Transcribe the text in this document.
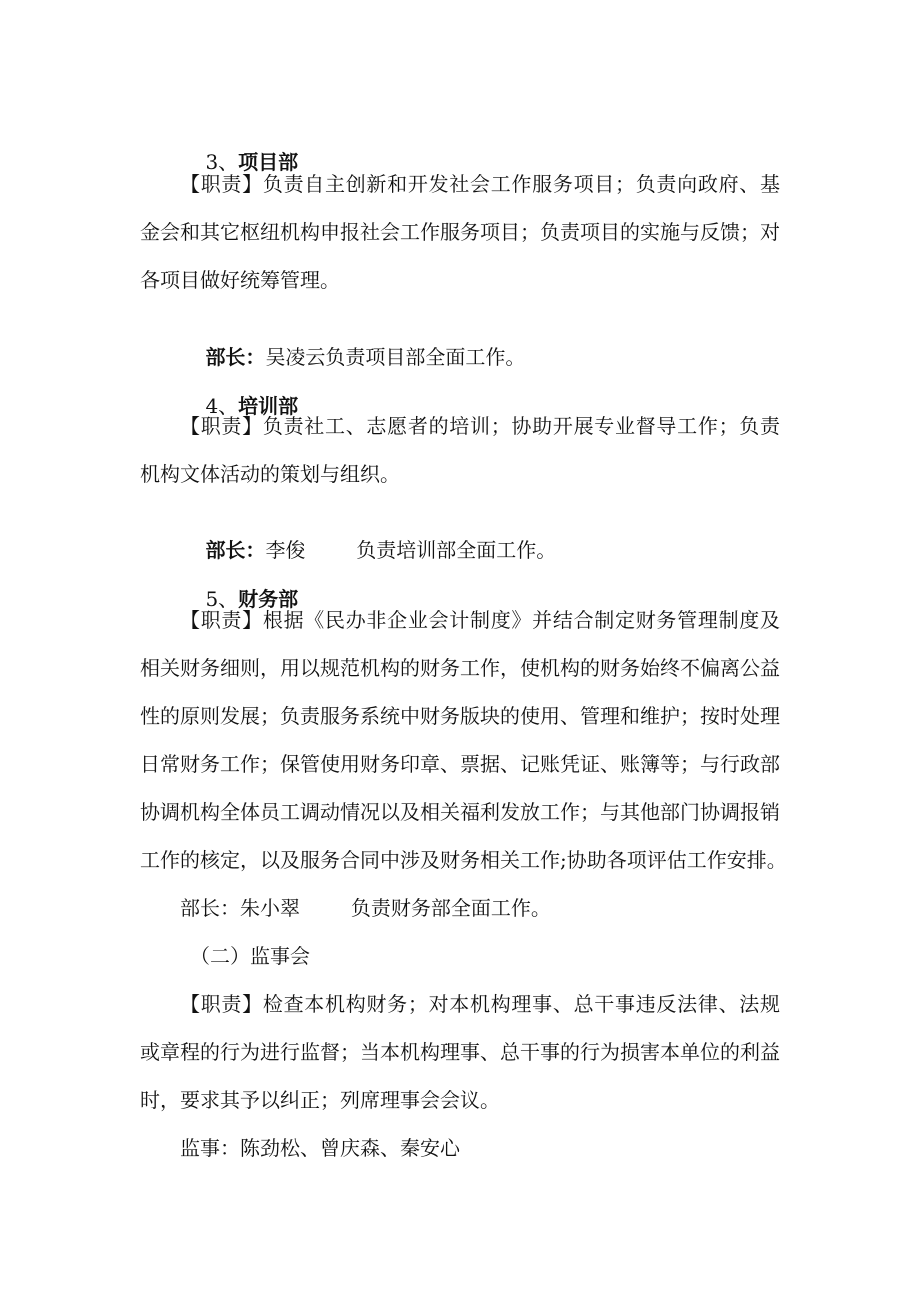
3、项目部

【职责】负责自主创新和开发社会工作服务项目；负责向政府、基
金会和其它枢纽机构申报社会工作服务项目；负责项目的实施与反馈；对
各项目做好统筹管理。

部长：吴凌云负责项目部全面工作。

4、培训部

【职责】负责社工、志愿者的培训；协助开展专业督导工作；负责
机构文体活动的策划与组织。

部长：李俊        负责培训部全面工作。

5、财务部

【职责】根据《民办非企业会计制度》并结合制定财务管理制度及
相关财务细则，用以规范机构的财务工作，使机构的财务始终不偏离公益
性的原则发展；负责服务系统中财务版块的使用、管理和维护；按时处理
日常财务工作；保管使用财务印章、票据、记账凭证、账簿等；与行政部
协调机构全体员工调动情况以及相关福利发放工作；与其他部门协调报销
工作的核定，以及服务合同中涉及财务相关工作;协助各项评估工作安排。
部长：朱小翠        负责财务部全面工作。
（二）监事会
【职责】检查本机构财务；对本机构理事、总干事违反法律、法规
或章程的行为进行监督；当本机构理事、总干事的行为损害本单位的利益
时，要求其予以纠正；列席理事会会议。
监事：陈劲松、曾庆森、秦安心
